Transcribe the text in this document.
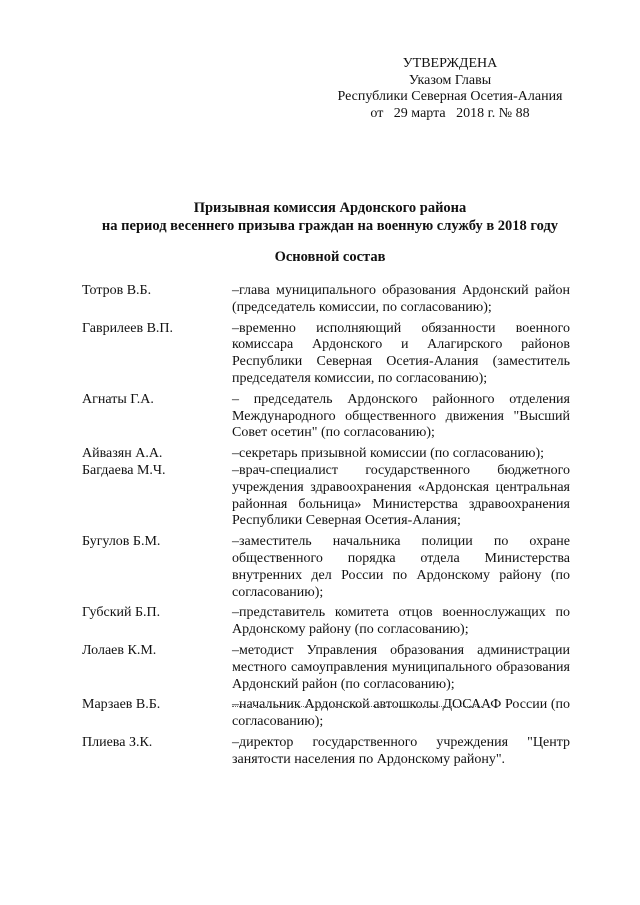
УТВЕРЖДЕНА
Указом Главы
Республики Северная Осетия-Алания
от   29 марта   2018 г. № 88
Призывная комиссия Ардонского района
на период весеннего призыва граждан на военную службу в 2018 году
Основной состав
Тотров В.Б.	–глава муниципального образования Ардонский район (председатель комиссии, по согласованию);
Гаврилеев В.П.	–временно исполняющий обязанности военного комиссара Ардонского и Алагирского районов Республики Северная Осетия-Алания (заместитель председателя комиссии, по согласованию);
Агнаты Г.А.	– председатель Ардонского районного отделения Международного общественного движения "Высший Совет осетин" (по согласованию);
Айвазян А.А.	–секретарь призывной комиссии (по согласованию);
Багдаева М.Ч.	–врач-специалист государственного бюджетного учреждения здравоохранения «Ардонская центральная районная больница» Министерства здравоохранения Республики Северная Осетия-Алания;
Бугулов Б.М.	–заместитель начальника полиции по охране общественного порядка отдела Министерства внутренних дел России по Ардонскому району (по согласованию);
Губский Б.П.	–представитель комитета отцов военнослужащих по Ардонскому району (по согласованию);
Лолаев К.М.	–методист Управления образования администрации местного самоуправления муниципального образования Ардонский район (по согласованию);
Марзаев В.Б.	–начальник Ардонской автошколы ДОСААФ России (по согласованию);
Плиева З.К.	–директор государственного учреждения "Центр занятости населения по Ардонскому району".
